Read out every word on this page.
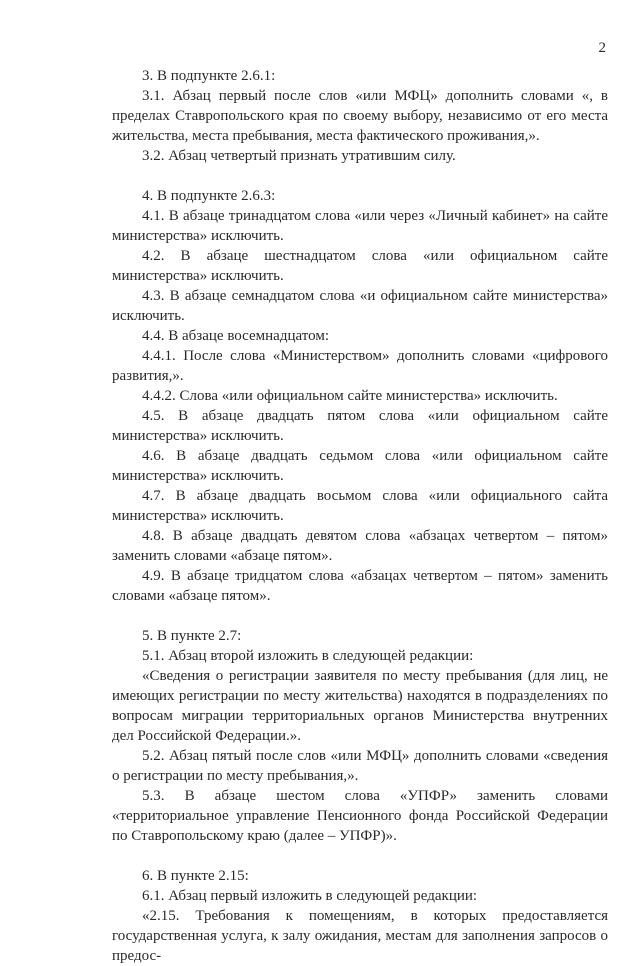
2

3. В подпункте 2.6.1:

3.1. Абзац первый после слов «или МФЦ» дополнить словами «, в пределах Ставропольского края по своему выбору, независимо от его места жительства, места пребывания, места фактического проживания,».

3.2. Абзац четвертый признать утратившим силу.

4. В подпункте 2.6.3:

4.1. В абзаце тринадцатом слова «или через «Личный кабинет» на сайте министерства» исключить.

4.2. В абзаце шестнадцатом слова «или официальном сайте министерства» исключить.

4.3. В абзаце семнадцатом слова «и официальном сайте министерства» исключить.

4.4. В абзаце восемнадцатом:

4.4.1. После слова «Министерством» дополнить словами «цифрового развития,».

4.4.2. Слова «или официальном сайте министерства» исключить.

4.5. В абзаце двадцать пятом слова «или официальном сайте министерства» исключить.

4.6. В абзаце двадцать седьмом слова «или официальном сайте министерства» исключить.

4.7. В абзаце двадцать восьмом слова «или официального сайта министерства» исключить.

4.8. В абзаце двадцать девятом слова «абзацах четвертом – пятом» заменить словами «абзаце пятом».

4.9. В абзаце тридцатом слова «абзацах четвертом – пятом» заменить словами «абзаце пятом».

5. В пункте 2.7:

5.1. Абзац второй изложить в следующей редакции:

«Сведения о регистрации заявителя по месту пребывания (для лиц, не имеющих регистрации по месту жительства) находятся в подразделениях по вопросам миграции территориальных органов Министерства внутренних дел Российской Федерации.».

5.2. Абзац пятый после слов «или МФЦ» дополнить словами «сведения о регистрации по месту пребывания,».

5.3. В абзаце шестом слова «УПФР» заменить словами «территориальное управление Пенсионного фонда Российской Федерации по Ставропольскому краю (далее – УПФР)».

6. В пункте 2.15:

6.1. Абзац первый изложить в следующей редакции:

«2.15. Требования к помещениям, в которых предоставляется государственная услуга, к залу ожидания, местам для заполнения запросов о предос-
